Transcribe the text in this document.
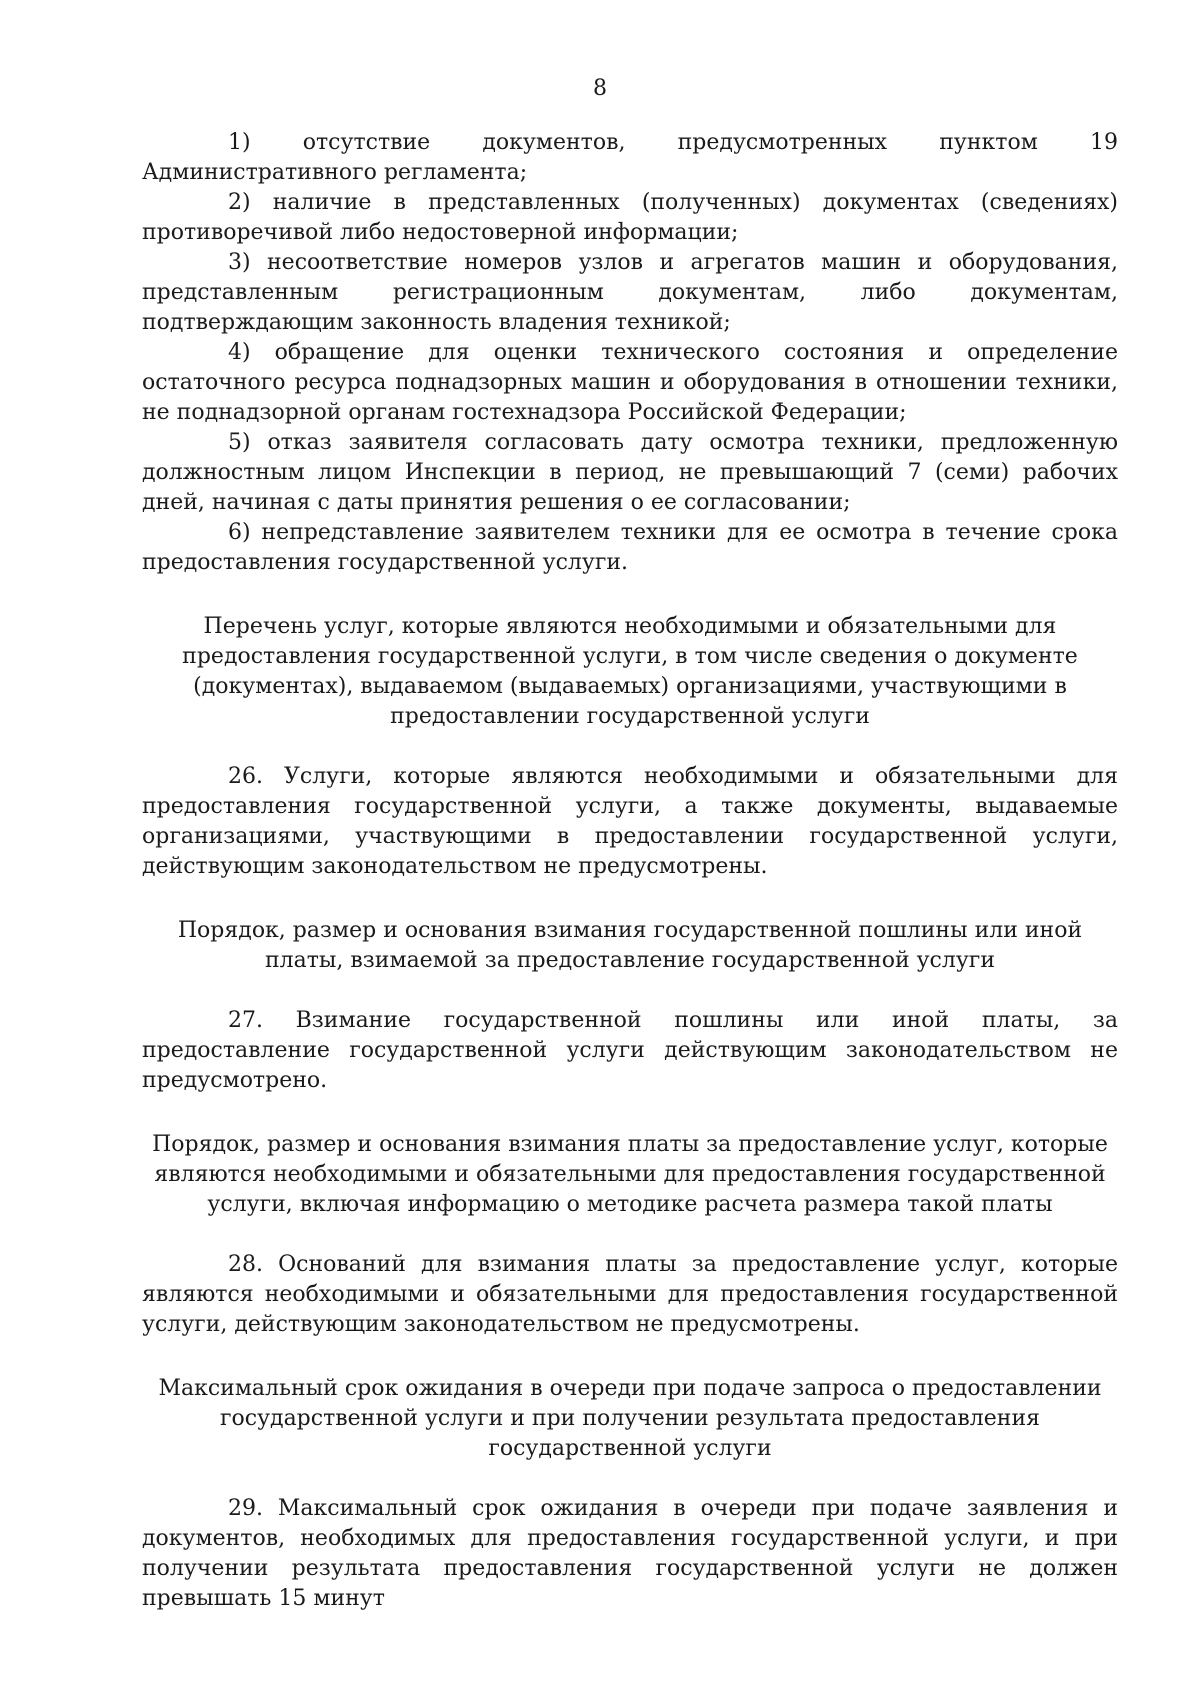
8

1) отсутствие документов, предусмотренных пунктом 19 Административного регламента;

2) наличие в представленных (полученных) документах (сведениях) противоречивой либо недостоверной информации;

3) несоответствие номеров узлов и агрегатов машин и оборудования, представленным регистрационным документам, либо документам, подтверждающим законность владения техникой;

4) обращение для оценки технического состояния и определение остаточного ресурса поднадзорных машин и оборудования в отношении техники, не поднадзорной органам гостехнадзора Российской Федерации;

5) отказ заявителя согласовать дату осмотра техники, предложенную должностным лицом Инспекции в период, не превышающий 7 (семи) рабочих дней, начиная с даты принятия решения о ее согласовании;

6) непредставление заявителем техники для ее осмотра в течение срока предоставления государственной услуги.

Перечень услуг, которые являются необходимыми и обязательными для предоставления государственной услуги, в том числе сведения о документе (документах), выдаваемом (выдаваемых) организациями, участвующими в предоставлении государственной услуги

26. Услуги, которые являются необходимыми и обязательными для предоставления государственной услуги, а также документы, выдаваемые организациями, участвующими в предоставлении государственной услуги, действующим законодательством не предусмотрены.

Порядок, размер и основания взимания государственной пошлины или иной платы, взимаемой за предоставление государственной услуги

27. Взимание государственной пошлины или иной платы, за предоставление государственной услуги действующим законодательством не предусмотрено.

Порядок, размер и основания взимания платы за предоставление услуг, которые являются необходимыми и обязательными для предоставления государственной услуги, включая информацию о методике расчета размера такой платы

28. Оснований для взимания платы за предоставление услуг, которые являются необходимыми и обязательными для предоставления государственной услуги, действующим законодательством не предусмотрены.

Максимальный срок ожидания в очереди при подаче запроса о предоставлении государственной услуги и при получении результата предоставления государственной услуги

29. Максимальный срок ожидания в очереди при подаче заявления и документов, необходимых для предоставления государственной услуги, и при получении результата предоставления государственной услуги не должен превышать 15 минут
